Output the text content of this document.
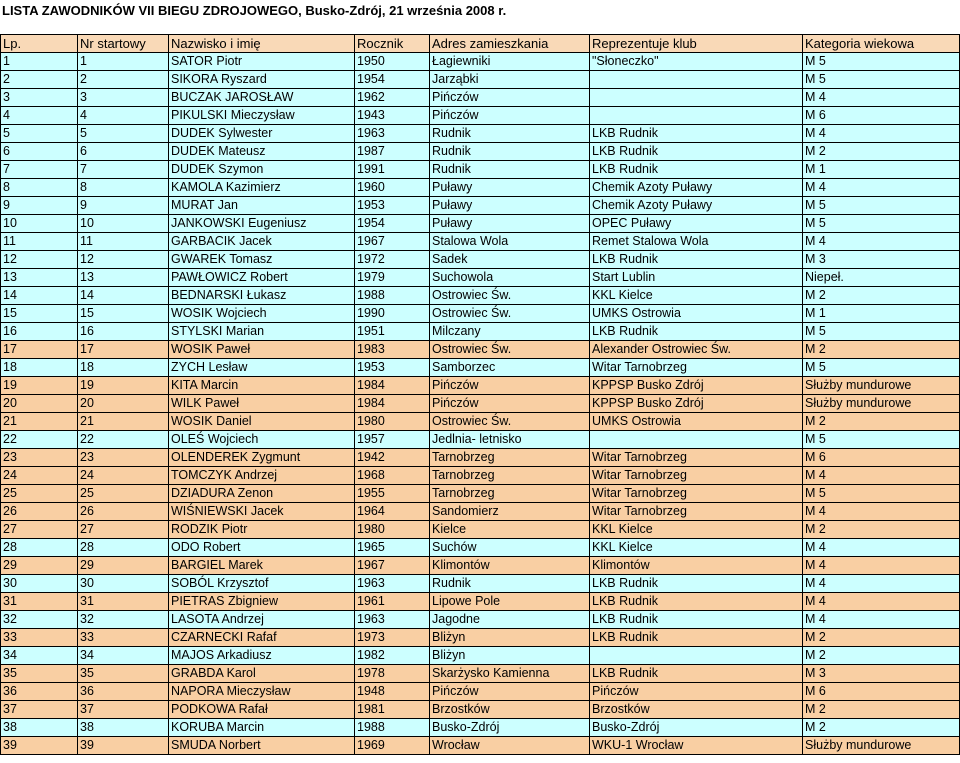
LISTA ZAWODNIKÓW VII BIEGU ZDROJOWEGO, Busko-Zdrój, 21 września 2008 r.
Lp.	Nr startowy	Nazwisko i imię	Rocznik	Adres zamieszkania	Reprezentuje klub	Kategoria wiekowa
1	1	SATOR Piotr	1950	Łagiewniki	"Słoneczko"	M 5
2	2	SIKORA Ryszard	1954	Jarząbki		M 5
3	3	BUCZAK JAROSŁAW	1962	Pińczów		M 4
4	4	PIKULSKI Mieczysław	1943	Pińczów		M 6
5	5	DUDEK Sylwester	1963	Rudnik	LKB Rudnik	M 4
6	6	DUDEK Mateusz	1987	Rudnik	LKB Rudnik	M 2
7	7	DUDEK Szymon	1991	Rudnik	LKB Rudnik	M 1
8	8	KAMOLA Kazimierz	1960	Puławy	Chemik Azoty Puławy	M 4
9	9	MURAT Jan	1953	Puławy	Chemik Azoty Puławy	M 5
10	10	JANKOWSKI Eugeniusz	1954	Puławy	OPEC Puławy	M 5
11	11	GARBACIK Jacek	1967	Stalowa Wola	Remet Stalowa Wola	M 4
12	12	GWAREK Tomasz	1972	Sadek	LKB Rudnik	M 3
13	13	PAWŁOWICZ Robert	1979	Suchowola	Start Lublin	Niepeł.
14	14	BEDNARSKI Łukasz	1988	Ostrowiec Św.	KKL Kielce	M 2
15	15	WOSIK Wojciech	1990	Ostrowiec Św.	UMKS Ostrowia	M 1
16	16	STYLSKI Marian	1951	Milczany	LKB Rudnik	M 5
17	17	WOSIK Paweł	1983	Ostrowiec Św.	Alexander Ostrowiec Św.	M 2
18	18	ZYCH Lesław	1953	Samborzec	Witar Tarnobrzeg	M 5
19	19	KITA Marcin	1984	Pińczów	KPPSP Busko Zdrój	Służby mundurowe
20	20	WILK Paweł	1984	Pińczów	KPPSP Busko Zdrój	Służby mundurowe
21	21	WOSIK Daniel	1980	Ostrowiec Św.	UMKS Ostrowia	M 2
22	22	OLEŚ Wojciech	1957	Jedlnia- letnisko		M 5
23	23	OLENDEREK Zygmunt	1942	Tarnobrzeg	Witar Tarnobrzeg	M 6
24	24	TOMCZYK Andrzej	1968	Tarnobrzeg	Witar Tarnobrzeg	M 4
25	25	DZIADURA Zenon	1955	Tarnobrzeg	Witar Tarnobrzeg	M 5
26	26	WIŚNIEWSKI Jacek	1964	Sandomierz	Witar Tarnobrzeg	M 4
27	27	RODZIK Piotr	1980	Kielce	KKL Kielce	M 2
28	28	ODO Robert	1965	Suchów	KKL Kielce	M 4
29	29	BARGIEL Marek	1967	Klimontów	Klimontów	M 4
30	30	SOBÓL Krzysztof	1963	Rudnik	LKB Rudnik	M 4
31	31	PIETRAS Zbigniew	1961	Lipowe Pole	LKB Rudnik	M 4
32	32	LASOTA Andrzej	1963	Jagodne	LKB Rudnik	M 4
33	33	CZARNECKI Rafaf	1973	Bliżyn	LKB Rudnik	M 2
34	34	MAJOS Arkadiusz	1982	Bliżyn		M 2
35	35	GRABDA Karol	1978	Skarżysko Kamienna	LKB Rudnik	M 3
36	36	NAPORA Mieczysław	1948	Pińczów	Pińczów	M 6
37	37	PODKOWA Rafał	1981	Brzostków	Brzostków	M 2
38	38	KORUBA Marcin	1988	Busko-Zdrój	Busko-Zdrój	M 2
39	39	SMUDA Norbert	1969	Wrocław	WKU-1 Wrocław	Służby mundurowe
